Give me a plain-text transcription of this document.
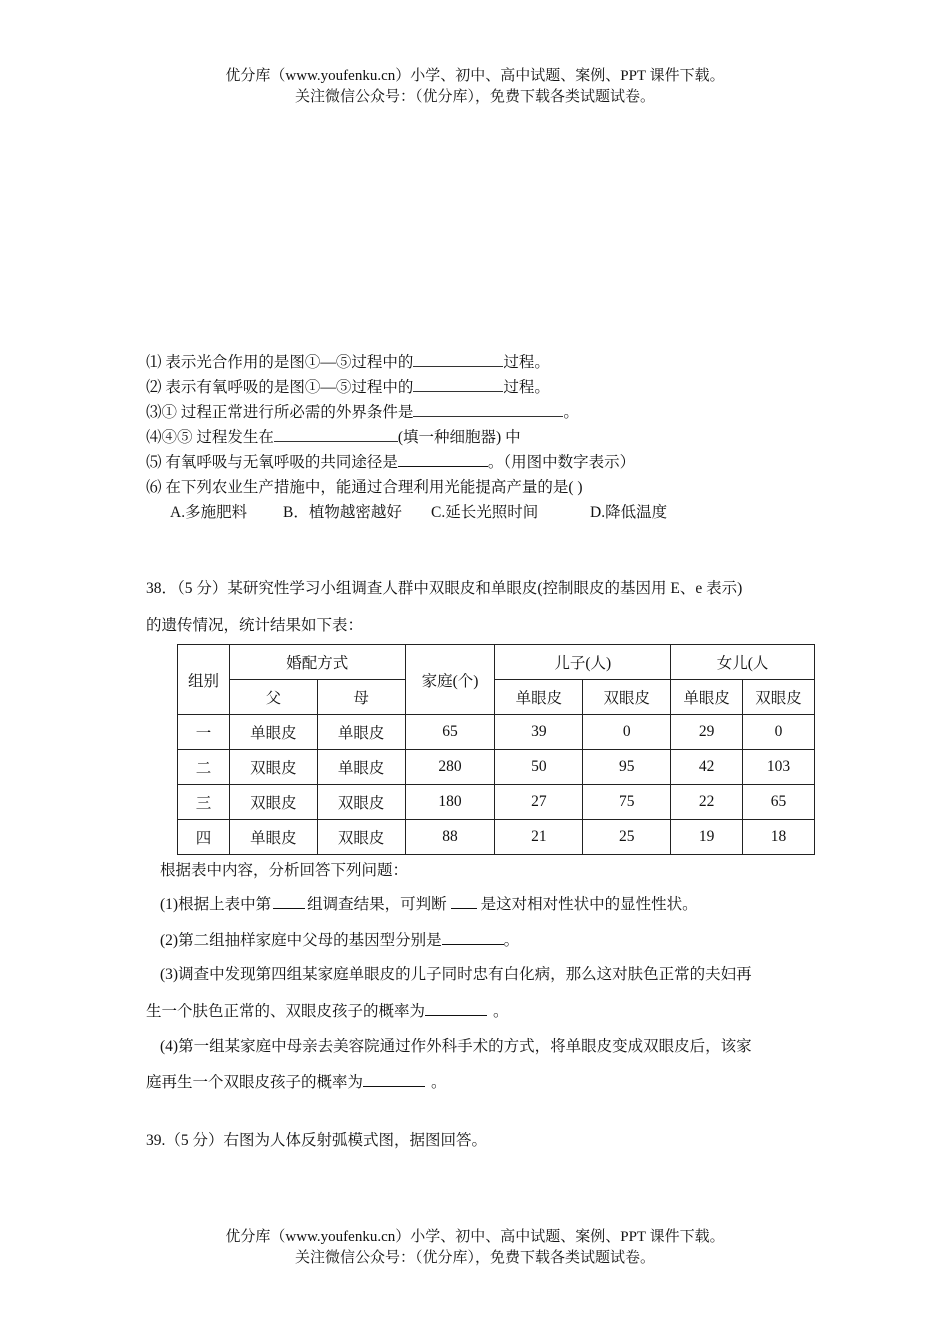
优分库（www.youfenku.cn）小学、初中、高中试题、案例、PPT 课件下载。
关注微信公众号：（优分库），免费下载各类试题试卷。
⑴ 表示光合作用的是图①—⑤过程中的	过程。
⑵ 表示有氧呼吸的是图①—⑤过程中的	过程。
⑶① 过程正常进行所必需的外界条件是	。
⑷④⑤ 过程发生在	(填一种细胞器) 中
⑸ 有氧呼吸与无氧呼吸的共同途径是	。（用图中数字表示）
⑹ 在下列农业生产措施中，能通过合理利用光能提高产量的是( )
A.多施肥料 B．植物越密越好 C.延长光照时间	D.降低温度
38．（5 分）某研究性学习小组调查人群中双眼皮和单眼皮(控制眼皮的基因用 E、e 表示)
的遗传情况，统计结果如下表：
组别	婚配方式		家庭(个)	儿子(人)		女儿(人	
	父	母		单眼皮	双眼皮	单眼皮	双眼皮
一	单眼皮	单眼皮	65	39	0	29	0
二	双眼皮	单眼皮	280	50	95	42	103
三	双眼皮	双眼皮	180	27	75	22	65
四	单眼皮	双眼皮	88	21	25	19	18
根据表中内容，分析回答下列问题：
(1)根据上表中第 组调查结果，可判断 是这对相对性状中的显性性状。
(2)第二组抽样家庭中父母的基因型分别是	。
(3)调查中发现第四组某家庭单眼皮的儿子同时忠有白化病，那么这对肤色正常的夫妇再
生一个肤色正常的、双眼皮孩子的概率为	。
(4)第一组某家庭中母亲去美容院通过作外科手术的方式，将单眼皮变成双眼皮后，该家
庭再生一个双眼皮孩子的概率为	。
39.（5 分）右图为人体反射弧模式图，据图回答。
优分库（www.youfenku.cn）小学、初中、高中试题、案例、PPT 课件下载。
关注微信公众号：（优分库），免费下载各类试题试卷。
